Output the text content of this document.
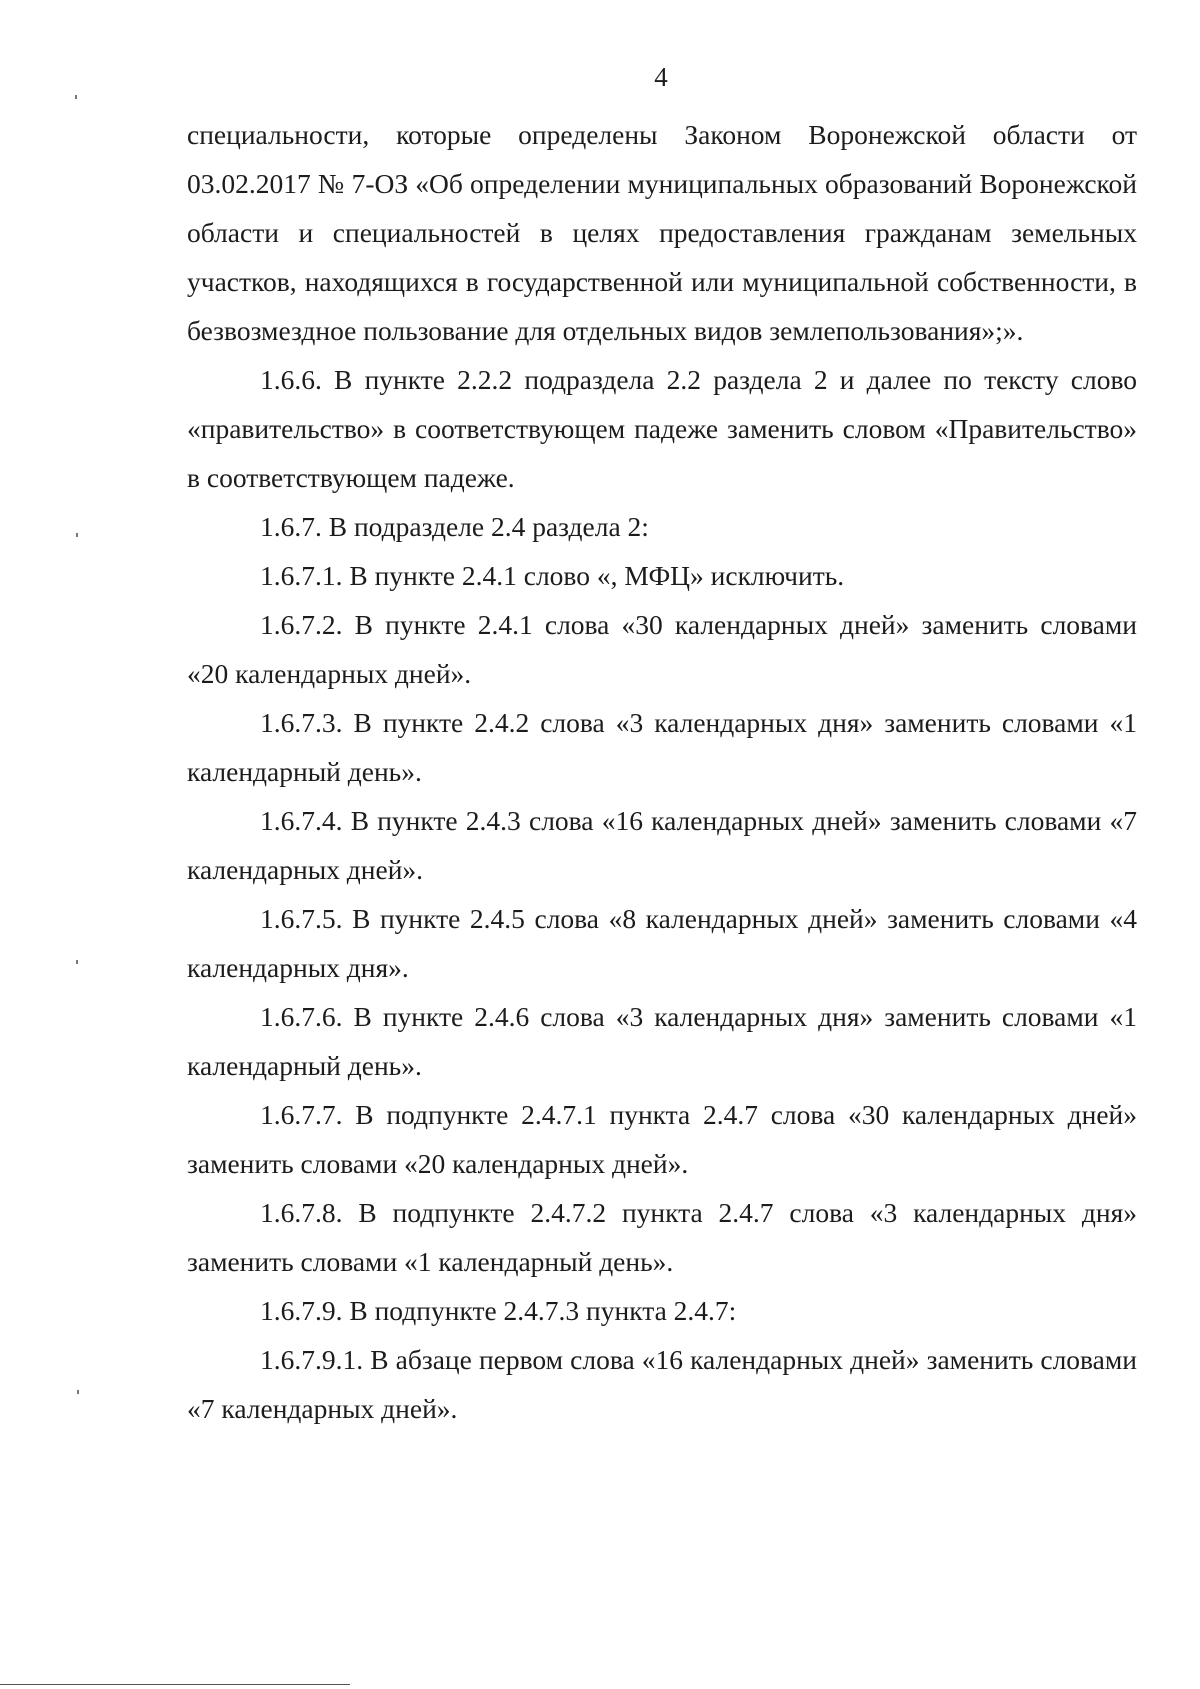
4

специальности, которые определены Законом Воронежской области от 03.02.2017 № 7-ОЗ «Об определении муниципальных образований Воронежской области и специальностей в целях предоставления гражданам земельных участков, находящихся в государственной или муниципальной собственности, в безвозмездное пользование для отдельных видов землепользования»;».

1.6.6. В пункте 2.2.2 подраздела 2.2 раздела 2 и далее по тексту слово «правительство» в соответствующем падеже заменить словом «Правительство» в соответствующем падеже.

1.6.7. В подразделе 2.4 раздела 2:

1.6.7.1. В пункте 2.4.1 слово «, МФЦ» исключить.

1.6.7.2. В пункте 2.4.1 слова «30 календарных дней» заменить словами «20 календарных дней».

1.6.7.3. В пункте 2.4.2 слова «3 календарных дня» заменить словами «1 календарный день».

1.6.7.4. В пункте 2.4.3 слова «16 календарных дней» заменить словами «7 календарных дней».

1.6.7.5. В пункте 2.4.5 слова «8 календарных дней» заменить словами «4 календарных дня».

1.6.7.6. В пункте 2.4.6 слова «3 календарных дня» заменить словами «1 календарный день».

1.6.7.7. В подпункте 2.4.7.1 пункта 2.4.7 слова «30 календарных дней» заменить словами «20 календарных дней».

1.6.7.8. В подпункте 2.4.7.2 пункта 2.4.7 слова «3 календарных дня» заменить словами «1 календарный день».

1.6.7.9. В подпункте 2.4.7.3 пункта 2.4.7:

1.6.7.9.1. В абзаце первом слова «16 календарных дней» заменить словами «7 календарных дней».
